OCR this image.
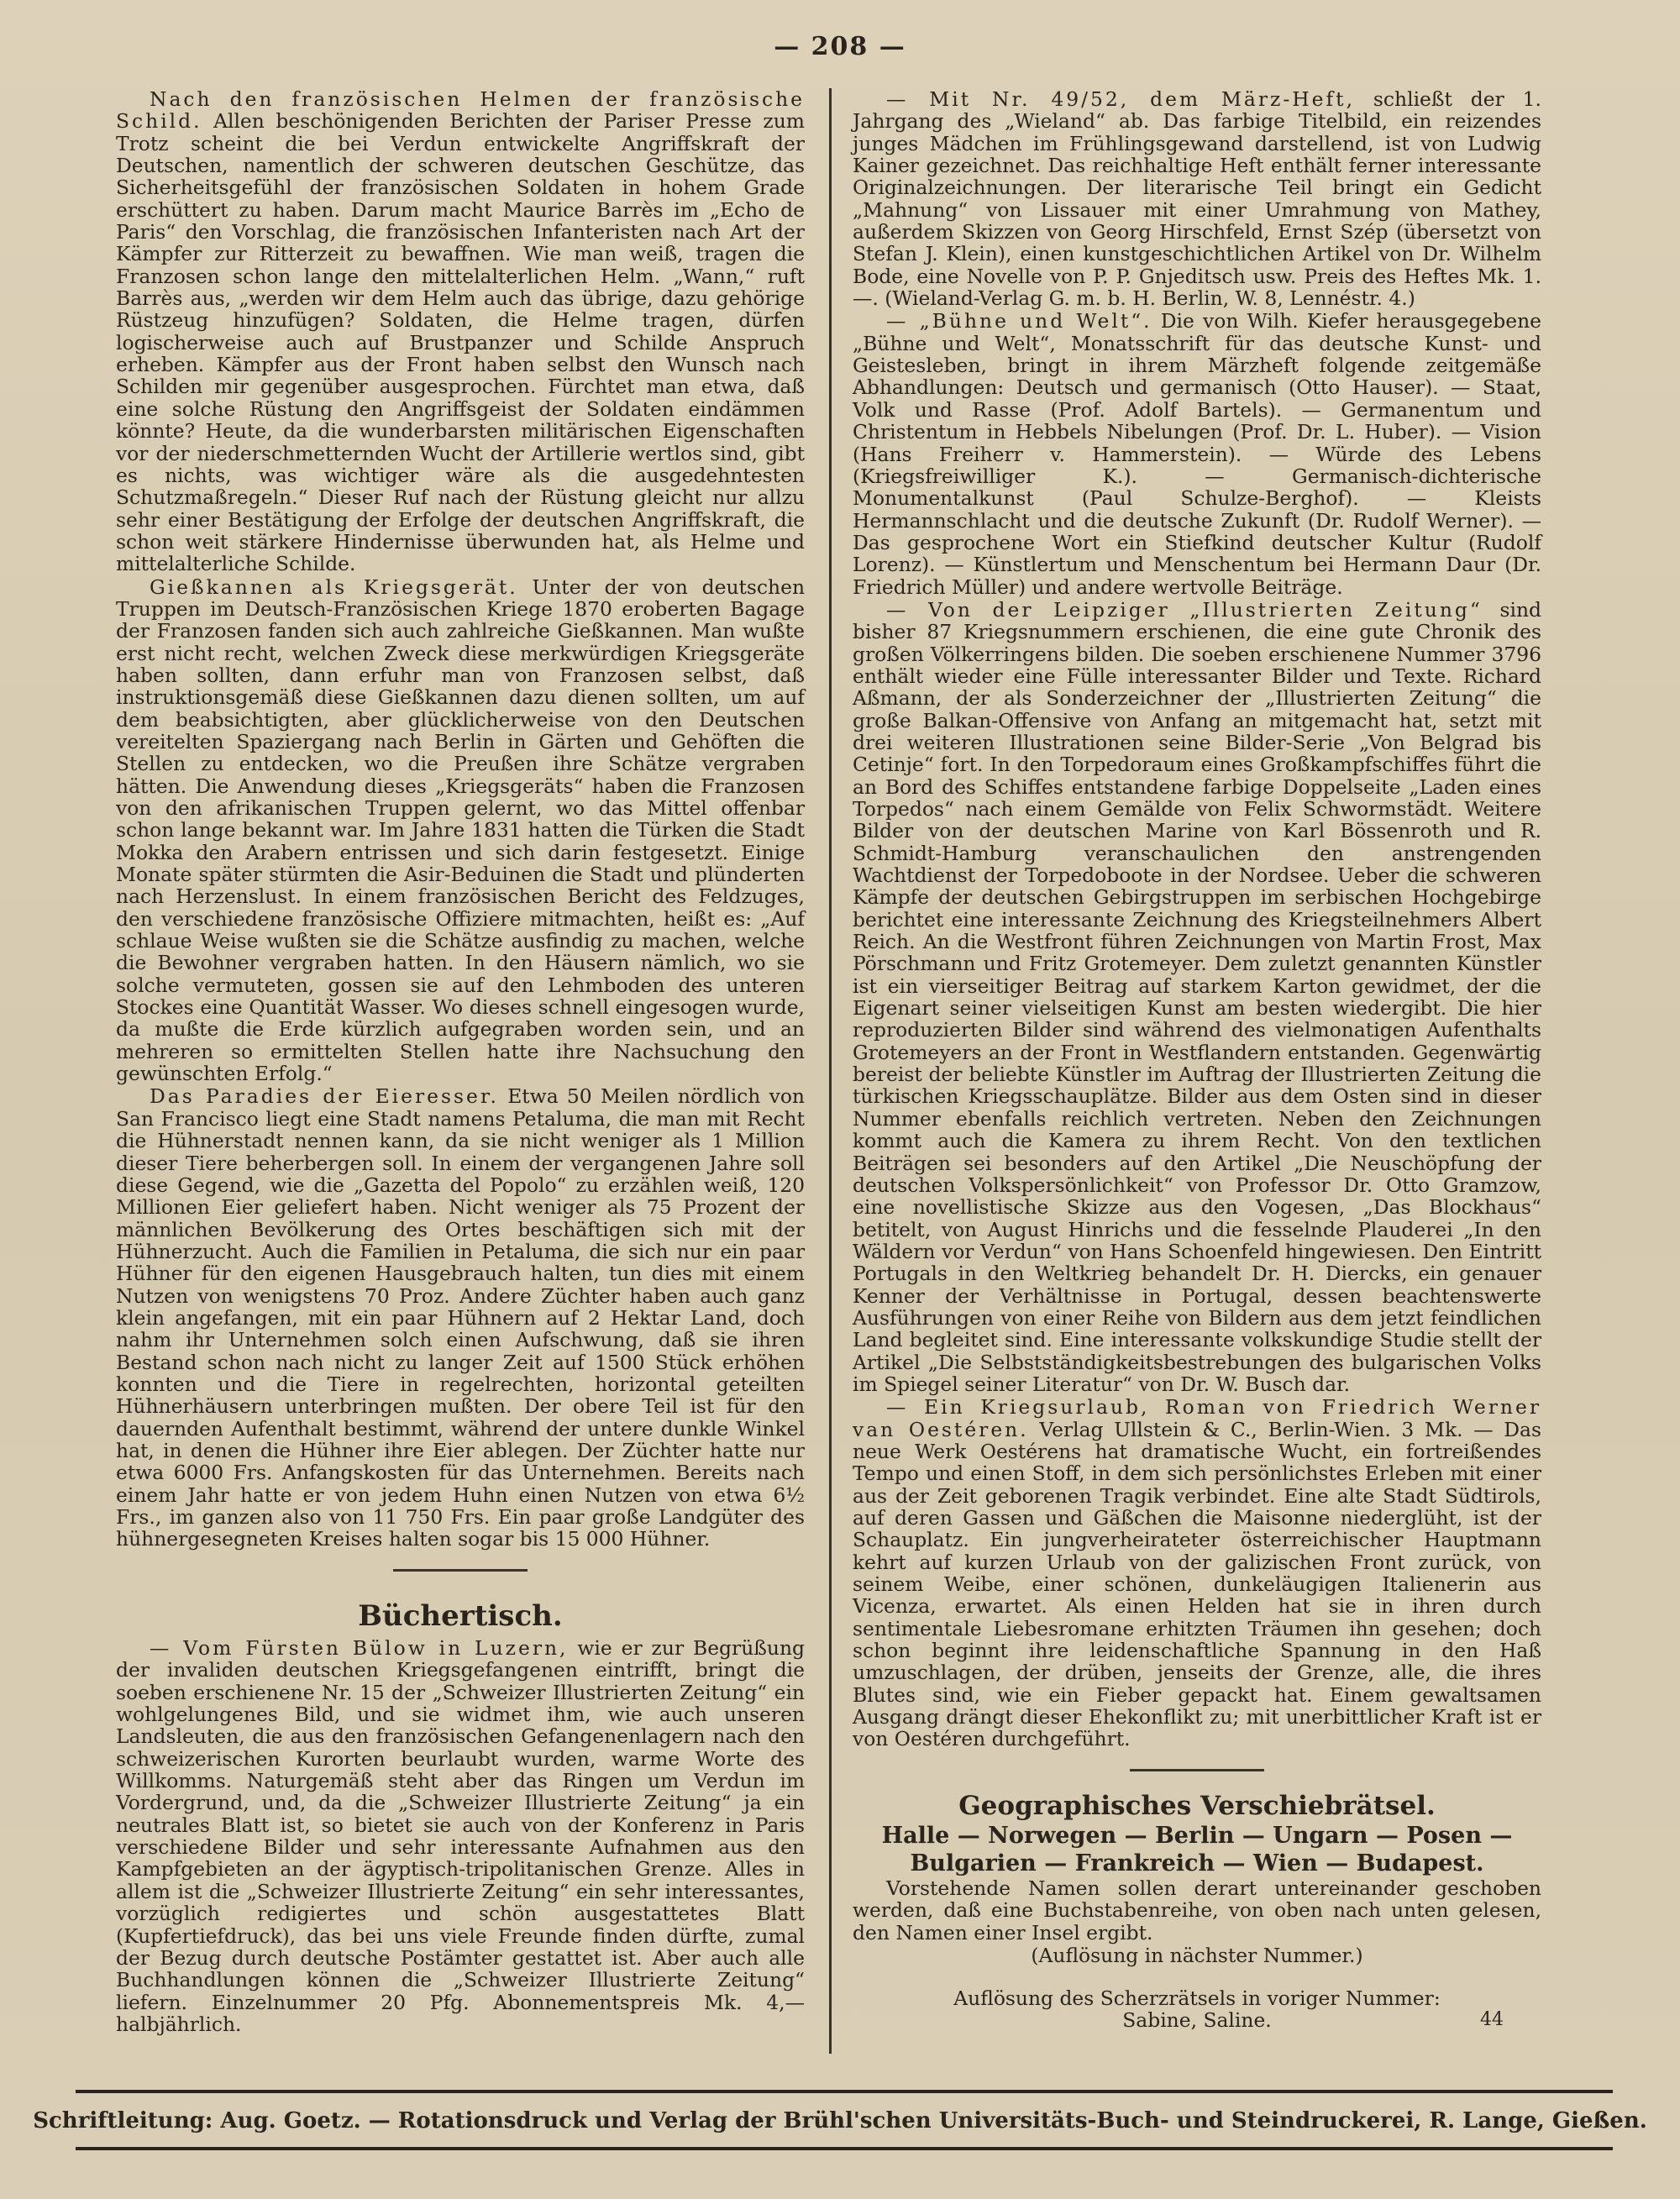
— 208 —

Nach den französischen Helmen der französische Schild. Allen beschönigenden Berichten der Pariser Presse zum Trotz scheint die bei Verdun entwickelte Angriffskraft der Deutschen, namentlich der schweren deutschen Geschütze, das Sicherheitsgefühl der französischen Soldaten in hohem Grade erschüttert zu haben. Darum macht Maurice Barrès im „Echo de Paris“ den Vorschlag, die französischen Infanteristen nach Art der Kämpfer zur Ritterzeit zu bewaffnen. Wie man weiß, tragen die Franzosen schon lange den mittelalterlichen Helm. „Wann,“ ruft Barrès aus, „werden wir dem Helm auch das übrige, dazu gehörige Rüstzeug hinzufügen? Soldaten, die Helme tragen, dürfen logischerweise auch auf Brustpanzer und Schilde Anspruch erheben. Kämpfer aus der Front haben selbst den Wunsch nach Schilden mir gegenüber ausgesprochen. Fürchtet man etwa, daß eine solche Rüstung den Angriffsgeist der Soldaten eindämmen könnte? Heute, da die wunderbarsten militärischen Eigenschaften vor der niederschmetternden Wucht der Artillerie wertlos sind, gibt es nichts, was wichtiger wäre als die ausgedehntesten Schutzmaßregeln.“ Dieser Ruf nach der Rüstung gleicht nur allzu sehr einer Bestätigung der Erfolge der deutschen Angriffskraft, die schon weit stärkere Hindernisse überwunden hat, als Helme und mittelalterliche Schilde.

Gießkannen als Kriegsgerät. Unter der von deutschen Truppen im Deutsch-Französischen Kriege 1870 eroberten Bagage der Franzosen fanden sich auch zahlreiche Gießkannen. Man wußte erst nicht recht, welchen Zweck diese merkwürdigen Kriegsgeräte haben sollten, dann erfuhr man von Franzosen selbst, daß instruktionsgemäß diese Gießkannen dazu dienen sollten, um auf dem beabsichtigten, aber glücklicherweise von den Deutschen vereitelten Spaziergang nach Berlin in Gärten und Gehöften die Stellen zu entdecken, wo die Preußen ihre Schätze vergraben hätten. Die Anwendung dieses „Kriegsgeräts“ haben die Franzosen von den afrikanischen Truppen gelernt, wo das Mittel offenbar schon lange bekannt war. Im Jahre 1831 hatten die Türken die Stadt Mokka den Arabern entrissen und sich darin festgesetzt. Einige Monate später stürmten die Asir-Beduinen die Stadt und plünderten nach Herzenslust. In einem französischen Bericht des Feldzuges, den verschiedene französische Offiziere mitmachten, heißt es: „Auf schlaue Weise wußten sie die Schätze ausfindig zu machen, welche die Bewohner vergraben hatten. In den Häusern nämlich, wo sie solche vermuteten, gossen sie auf den Lehmboden des unteren Stockes eine Quantität Wasser. Wo dieses schnell eingesogen wurde, da mußte die Erde kürzlich aufgegraben worden sein, und an mehreren so ermittelten Stellen hatte ihre Nachsuchung den gewünschten Erfolg.“

Das Paradies der Eieresser. Etwa 50 Meilen nördlich von San Francisco liegt eine Stadt namens Petaluma, die man mit Recht die Hühnerstadt nennen kann, da sie nicht weniger als 1 Million dieser Tiere beherbergen soll. In einem der vergangenen Jahre soll diese Gegend, wie die „Gazetta del Popolo“ zu erzählen weiß, 120 Millionen Eier geliefert haben. Nicht weniger als 75 Prozent der männlichen Bevölkerung des Ortes beschäftigen sich mit der Hühnerzucht. Auch die Familien in Petaluma, die sich nur ein paar Hühner für den eigenen Hausgebrauch halten, tun dies mit einem Nutzen von wenigstens 70 Proz. Andere Züchter haben auch ganz klein angefangen, mit ein paar Hühnern auf 2 Hektar Land, doch nahm ihr Unternehmen solch einen Aufschwung, daß sie ihren Bestand schon nach nicht zu langer Zeit auf 1500 Stück erhöhen konnten und die Tiere in regelrechten, horizontal geteilten Hühnerhäusern unterbringen mußten. Der obere Teil ist für den dauernden Aufenthalt bestimmt, während der untere dunkle Winkel hat, in denen die Hühner ihre Eier ablegen. Der Züchter hatte nur etwa 6000 Frs. Anfangskosten für das Unternehmen. Bereits nach einem Jahr hatte er von jedem Huhn einen Nutzen von etwa 6½ Frs., im ganzen also von 11 750 Frs. Ein paar große Landgüter des hühnergesegneten Kreises halten sogar bis 15 000 Hühner.

Büchertisch.

— Vom Fürsten Bülow in Luzern, wie er zur Begrüßung der invaliden deutschen Kriegsgefangenen eintrifft, bringt die soeben erschienene Nr. 15 der „Schweizer Illustrierten Zeitung“ ein wohlgelungenes Bild, und sie widmet ihm, wie auch unseren Landsleuten, die aus den französischen Gefangenenlagern nach den schweizerischen Kurorten beurlaubt wurden, warme Worte des Willkomms. Naturgemäß steht aber das Ringen um Verdun im Vordergrund, und, da die „Schweizer Illustrierte Zeitung“ ja ein neutrales Blatt ist, so bietet sie auch von der Konferenz in Paris verschiedene Bilder und sehr interessante Aufnahmen aus den Kampfgebieten an der ägyptisch-tripolitanischen Grenze. Alles in allem ist die „Schweizer Illustrierte Zeitung“ ein sehr interessantes, vorzüglich redigiertes und schön ausgestattetes Blatt (Kupfertiefdruck), das bei uns viele Freunde finden dürfte, zumal der Bezug durch deutsche Postämter gestattet ist. Aber auch alle Buchhandlungen können die „Schweizer Illustrierte Zeitung“ liefern. Einzelnummer 20 Pfg. Abonnementspreis Mk. 4,— halbjährlich.

— Mit Nr. 49/52, dem März-Heft, schließt der 1. Jahrgang des „Wieland“ ab. Das farbige Titelbild, ein reizendes junges Mädchen im Frühlingsgewand darstellend, ist von Ludwig Kainer gezeichnet. Das reichhaltige Heft enthält ferner interessante Originalzeichnungen. Der literarische Teil bringt ein Gedicht „Mahnung“ von Lissauer mit einer Umrahmung von Mathey, außerdem Skizzen von Georg Hirschfeld, Ernst Szép (übersetzt von Stefan J. Klein), einen kunstgeschichtlichen Artikel von Dr. Wilhelm Bode, eine Novelle von P. P. Gnjeditsch usw. Preis des Heftes Mk. 1.—. (Wieland-Verlag G. m. b. H. Berlin, W. 8, Lennéstr. 4.)

— „Bühne und Welt“. Die von Wilh. Kiefer herausgegebene „Bühne und Welt“, Monatsschrift für das deutsche Kunst- und Geistesleben, bringt in ihrem Märzheft folgende zeitgemäße Abhandlungen: Deutsch und germanisch (Otto Hauser). — Staat, Volk und Rasse (Prof. Adolf Bartels). — Germanentum und Christentum in Hebbels Nibelungen (Prof. Dr. L. Huber). — Vision (Hans Freiherr v. Hammerstein). — Würde des Lebens (Kriegsfreiwilliger K.). — Germanisch-dichterische Monumentalkunst (Paul Schulze-Berghof). — Kleists Hermannschlacht und die deutsche Zukunft (Dr. Rudolf Werner). — Das gesprochene Wort ein Stiefkind deutscher Kultur (Rudolf Lorenz). — Künstlertum und Menschentum bei Hermann Daur (Dr. Friedrich Müller) und andere wertvolle Beiträge.

— Von der Leipziger „Illustrierten Zeitung“ sind bisher 87 Kriegsnummern erschienen, die eine gute Chronik des großen Völkerringens bilden. Die soeben erschienene Nummer 3796 enthält wieder eine Fülle interessanter Bilder und Texte. Richard Aßmann, der als Sonderzeichner der „Illustrierten Zeitung“ die große Balkan-Offensive von Anfang an mitgemacht hat, setzt mit drei weiteren Illustrationen seine Bilder-Serie „Von Belgrad bis Cetinje“ fort. In den Torpedoraum eines Großkampfschiffes führt die an Bord des Schiffes entstandene farbige Doppelseite „Laden eines Torpedos“ nach einem Gemälde von Felix Schwormstädt. Weitere Bilder von der deutschen Marine von Karl Bössenroth und R. Schmidt-Hamburg veranschaulichen den anstrengenden Wachtdienst der Torpedoboote in der Nordsee. Ueber die schweren Kämpfe der deutschen Gebirgstruppen im serbischen Hochgebirge berichtet eine interessante Zeichnung des Kriegsteilnehmers Albert Reich. An die Westfront führen Zeichnungen von Martin Frost, Max Pörschmann und Fritz Grotemeyer. Dem zuletzt genannten Künstler ist ein vierseitiger Beitrag auf starkem Karton gewidmet, der die Eigenart seiner vielseitigen Kunst am besten wiedergibt. Die hier reproduzierten Bilder sind während des vielmonatigen Aufenthalts Grotemeyers an der Front in Westflandern entstanden. Gegenwärtig bereist der beliebte Künstler im Auftrag der Illustrierten Zeitung die türkischen Kriegsschauplätze. Bilder aus dem Osten sind in dieser Nummer ebenfalls reichlich vertreten. Neben den Zeichnungen kommt auch die Kamera zu ihrem Recht. Von den textlichen Beiträgen sei besonders auf den Artikel „Die Neuschöpfung der deutschen Volkspersönlichkeit“ von Professor Dr. Otto Gramzow, eine novellistische Skizze aus den Vogesen, „Das Blockhaus“ betitelt, von August Hinrichs und die fesselnde Plauderei „In den Wäldern vor Verdun“ von Hans Schoenfeld hingewiesen. Den Eintritt Portugals in den Weltkrieg behandelt Dr. H. Diercks, ein genauer Kenner der Verhältnisse in Portugal, dessen beachtenswerte Ausführungen von einer Reihe von Bildern aus dem jetzt feindlichen Land begleitet sind. Eine interessante volkskundige Studie stellt der Artikel „Die Selbstständigkeitsbestrebungen des bulgarischen Volks im Spiegel seiner Literatur“ von Dr. W. Busch dar.

— Ein Kriegsurlaub, Roman von Friedrich Werner van Oestéren. Verlag Ullstein & C., Berlin-Wien. 3 Mk. — Das neue Werk Oestérens hat dramatische Wucht, ein fortreißendes Tempo und einen Stoff, in dem sich persönlichstes Erleben mit einer aus der Zeit geborenen Tragik verbindet. Eine alte Stadt Südtirols, auf deren Gassen und Gäßchen die Maisonne niederglüht, ist der Schauplatz. Ein jungverheirateter österreichischer Hauptmann kehrt auf kurzen Urlaub von der galizischen Front zurück, von seinem Weibe, einer schönen, dunkeläugigen Italienerin aus Vicenza, erwartet. Als einen Helden hat sie in ihren durch sentimentale Liebesromane erhitzten Träumen ihn gesehen; doch schon beginnt ihre leidenschaftliche Spannung in den Haß umzuschlagen, der drüben, jenseits der Grenze, alle, die ihres Blutes sind, wie ein Fieber gepackt hat. Einem gewaltsamen Ausgang drängt dieser Ehekonflikt zu; mit unerbittlicher Kraft ist er von Oestéren durchgeführt.

Geographisches Verschiebrätsel.

Halle — Norwegen — Berlin — Ungarn — Posen — Bulgarien — Frankreich — Wien — Budapest.

Vorstehende Namen sollen derart untereinander geschoben werden, daß eine Buchstabenreihe, von oben nach unten gelesen, den Namen einer Insel ergibt.

(Auflösung in nächster Nummer.)

Auflösung des Scherzrätsels in voriger Nummer:

Sabine, Saline.	44
Schriftleitung: Aug. Goetz. — Rotationsdruck und Verlag der Brühl'schen Universitäts-Buch- und Steindruckerei, R. Lange, Gießen.
